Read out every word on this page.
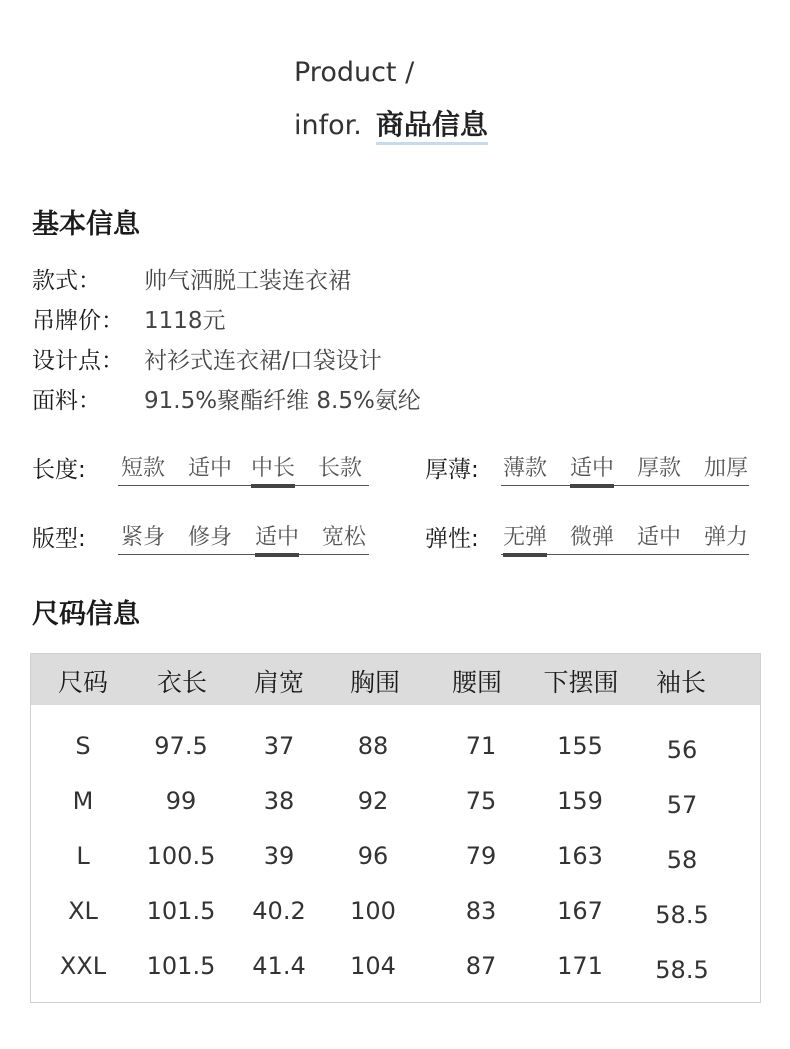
Product /
infor. 商品信息
基本信息
款式： 帅气洒脱工装连衣裙
吊牌价： 1118元
设计点： 衬衫式连衣裙/口袋设计
面料： 91.5%聚酯纤维 8.5%氨纶
长度: 短款 适中 中长 长款	厚薄: 薄款 适中 厚款 加厚
版型: 紧身 修身 适中 宽松	弹性: 无弹 微弹 适中 弹力
尺码信息
尺码 衣长 肩宽 胸围 腰围 下摆围 袖长
S	97.5 37	88	71	155	56
M	99	38	92	75	159	57
L 100.5 39	96	79	163	58
XL 101.5 40.2 100	83	167 58.5
XXL 101.5 41.4 104	87	171 58.5
